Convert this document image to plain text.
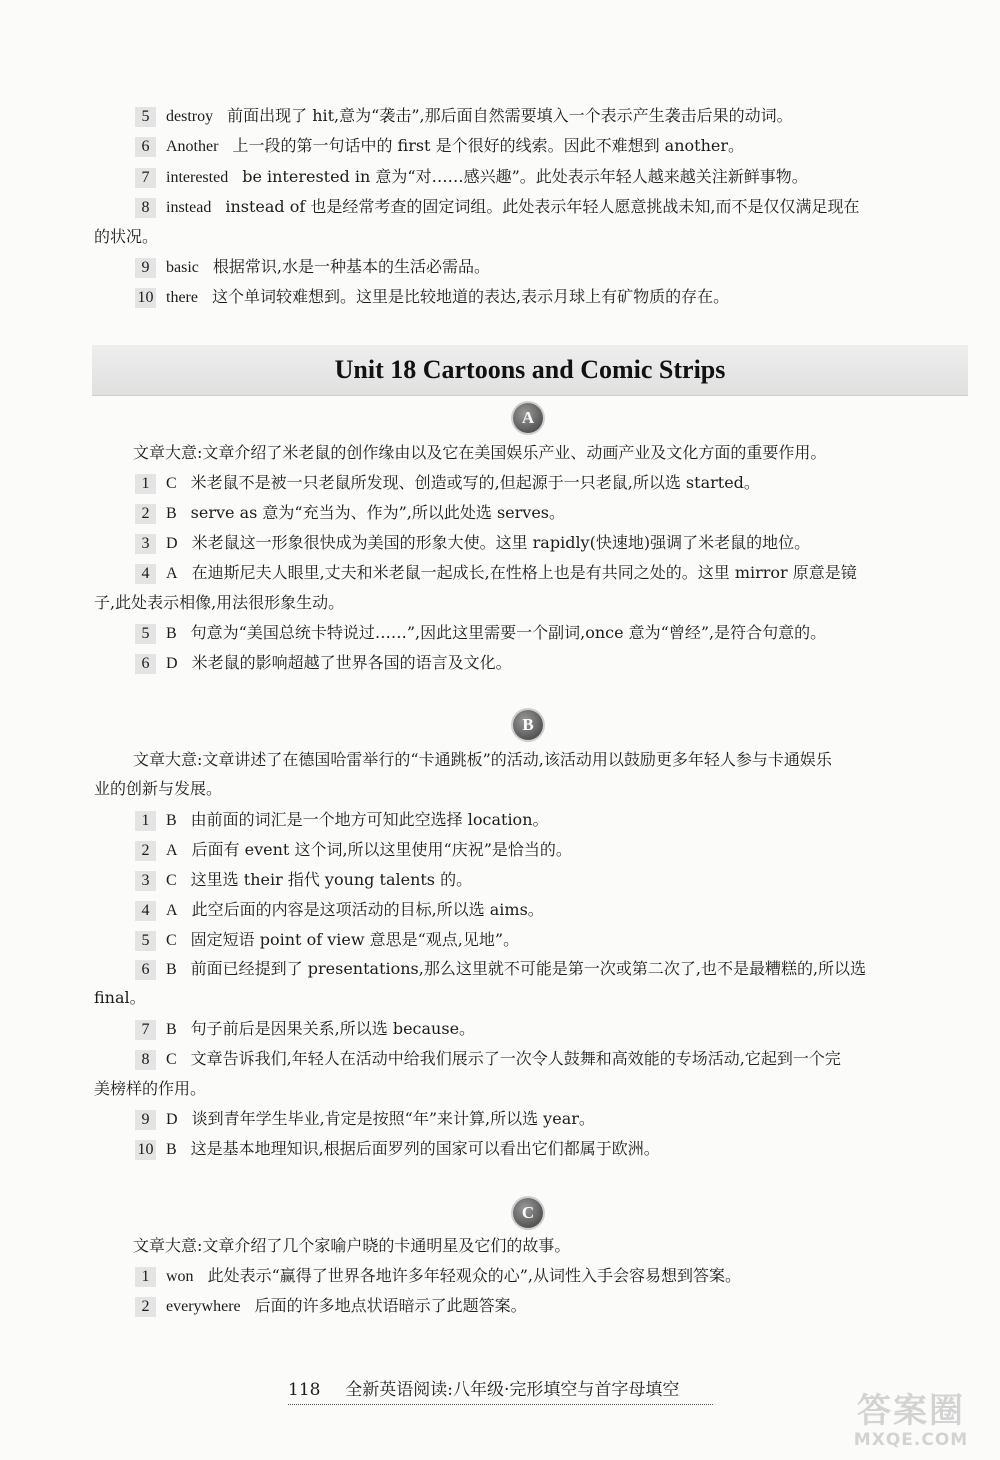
5 destroy 前面出现了 hit,意为“袭击”,那后面自然需要填入一个表示产生袭击后果的动词。
6 Another 上一段的第一句话中的 first 是个很好的线索。因此不难想到 another。
7 interested be interested in 意为“对……感兴趣”。此处表示年轻人越来越关注新鲜事物。
8 instead instead of 也是经常考查的固定词组。此处表示年轻人愿意挑战未知,而不是仅仅满足现在
的状况。
9 basic 根据常识,水是一种基本的生活必需品。
10 there 这个单词较难想到。这里是比较地道的表达,表示月球上有矿物质的存在。
Unit 18 Cartoons and Comic Strips
A
文章大意:文章介绍了米老鼠的创作缘由以及它在美国娱乐产业、动画产业及文化方面的重要作用。
1 C 米老鼠不是被一只老鼠所发现、创造或写的,但起源于一只老鼠,所以选 started。
2 B serve as 意为“充当为、作为”,所以此处选 serves。
3 D 米老鼠这一形象很快成为美国的形象大使。这里 rapidly(快速地)强调了米老鼠的地位。
4 A 在迪斯尼夫人眼里,丈夫和米老鼠一起成长,在性格上也是有共同之处的。这里 mirror 原意是镜
子,此处表示相像,用法很形象生动。
5 B 句意为“美国总统卡特说过……”,因此这里需要一个副词,once 意为“曾经”,是符合句意的。
6 D 米老鼠的影响超越了世界各国的语言及文化。
B
文章大意:文章讲述了在德国哈雷举行的“卡通跳板”的活动,该活动用以鼓励更多年轻人参与卡通娱乐
业的创新与发展。
1 B 由前面的词汇是一个地方可知此空选择 location。
2 A 后面有 event 这个词,所以这里使用“庆祝”是恰当的。
3 C 这里选 their 指代 young talents 的。
4 A 此空后面的内容是这项活动的目标,所以选 aims。
5 C 固定短语 point of view 意思是“观点,见地”。
6 B 前面已经提到了 presentations,那么这里就不可能是第一次或第二次了,也不是最糟糕的,所以选
final。
7 B 句子前后是因果关系,所以选 because。
8 C 文章告诉我们,年轻人在活动中给我们展示了一次令人鼓舞和高效能的专场活动,它起到一个完
美榜样的作用。
9 D 谈到青年学生毕业,肯定是按照“年”来计算,所以选 year。
10 B 这是基本地理知识,根据后面罗列的国家可以看出它们都属于欧洲。
C
文章大意:文章介绍了几个家喻户晓的卡通明星及它们的故事。
1 won 此处表示“赢得了世界各地许多年轻观众的心”,从词性入手会容易想到答案。
2 everywhere 后面的许多地点状语暗示了此题答案。
118 全新英语阅读:八年级·完形填空与首字母填空
答案圈
MXQE.COM
